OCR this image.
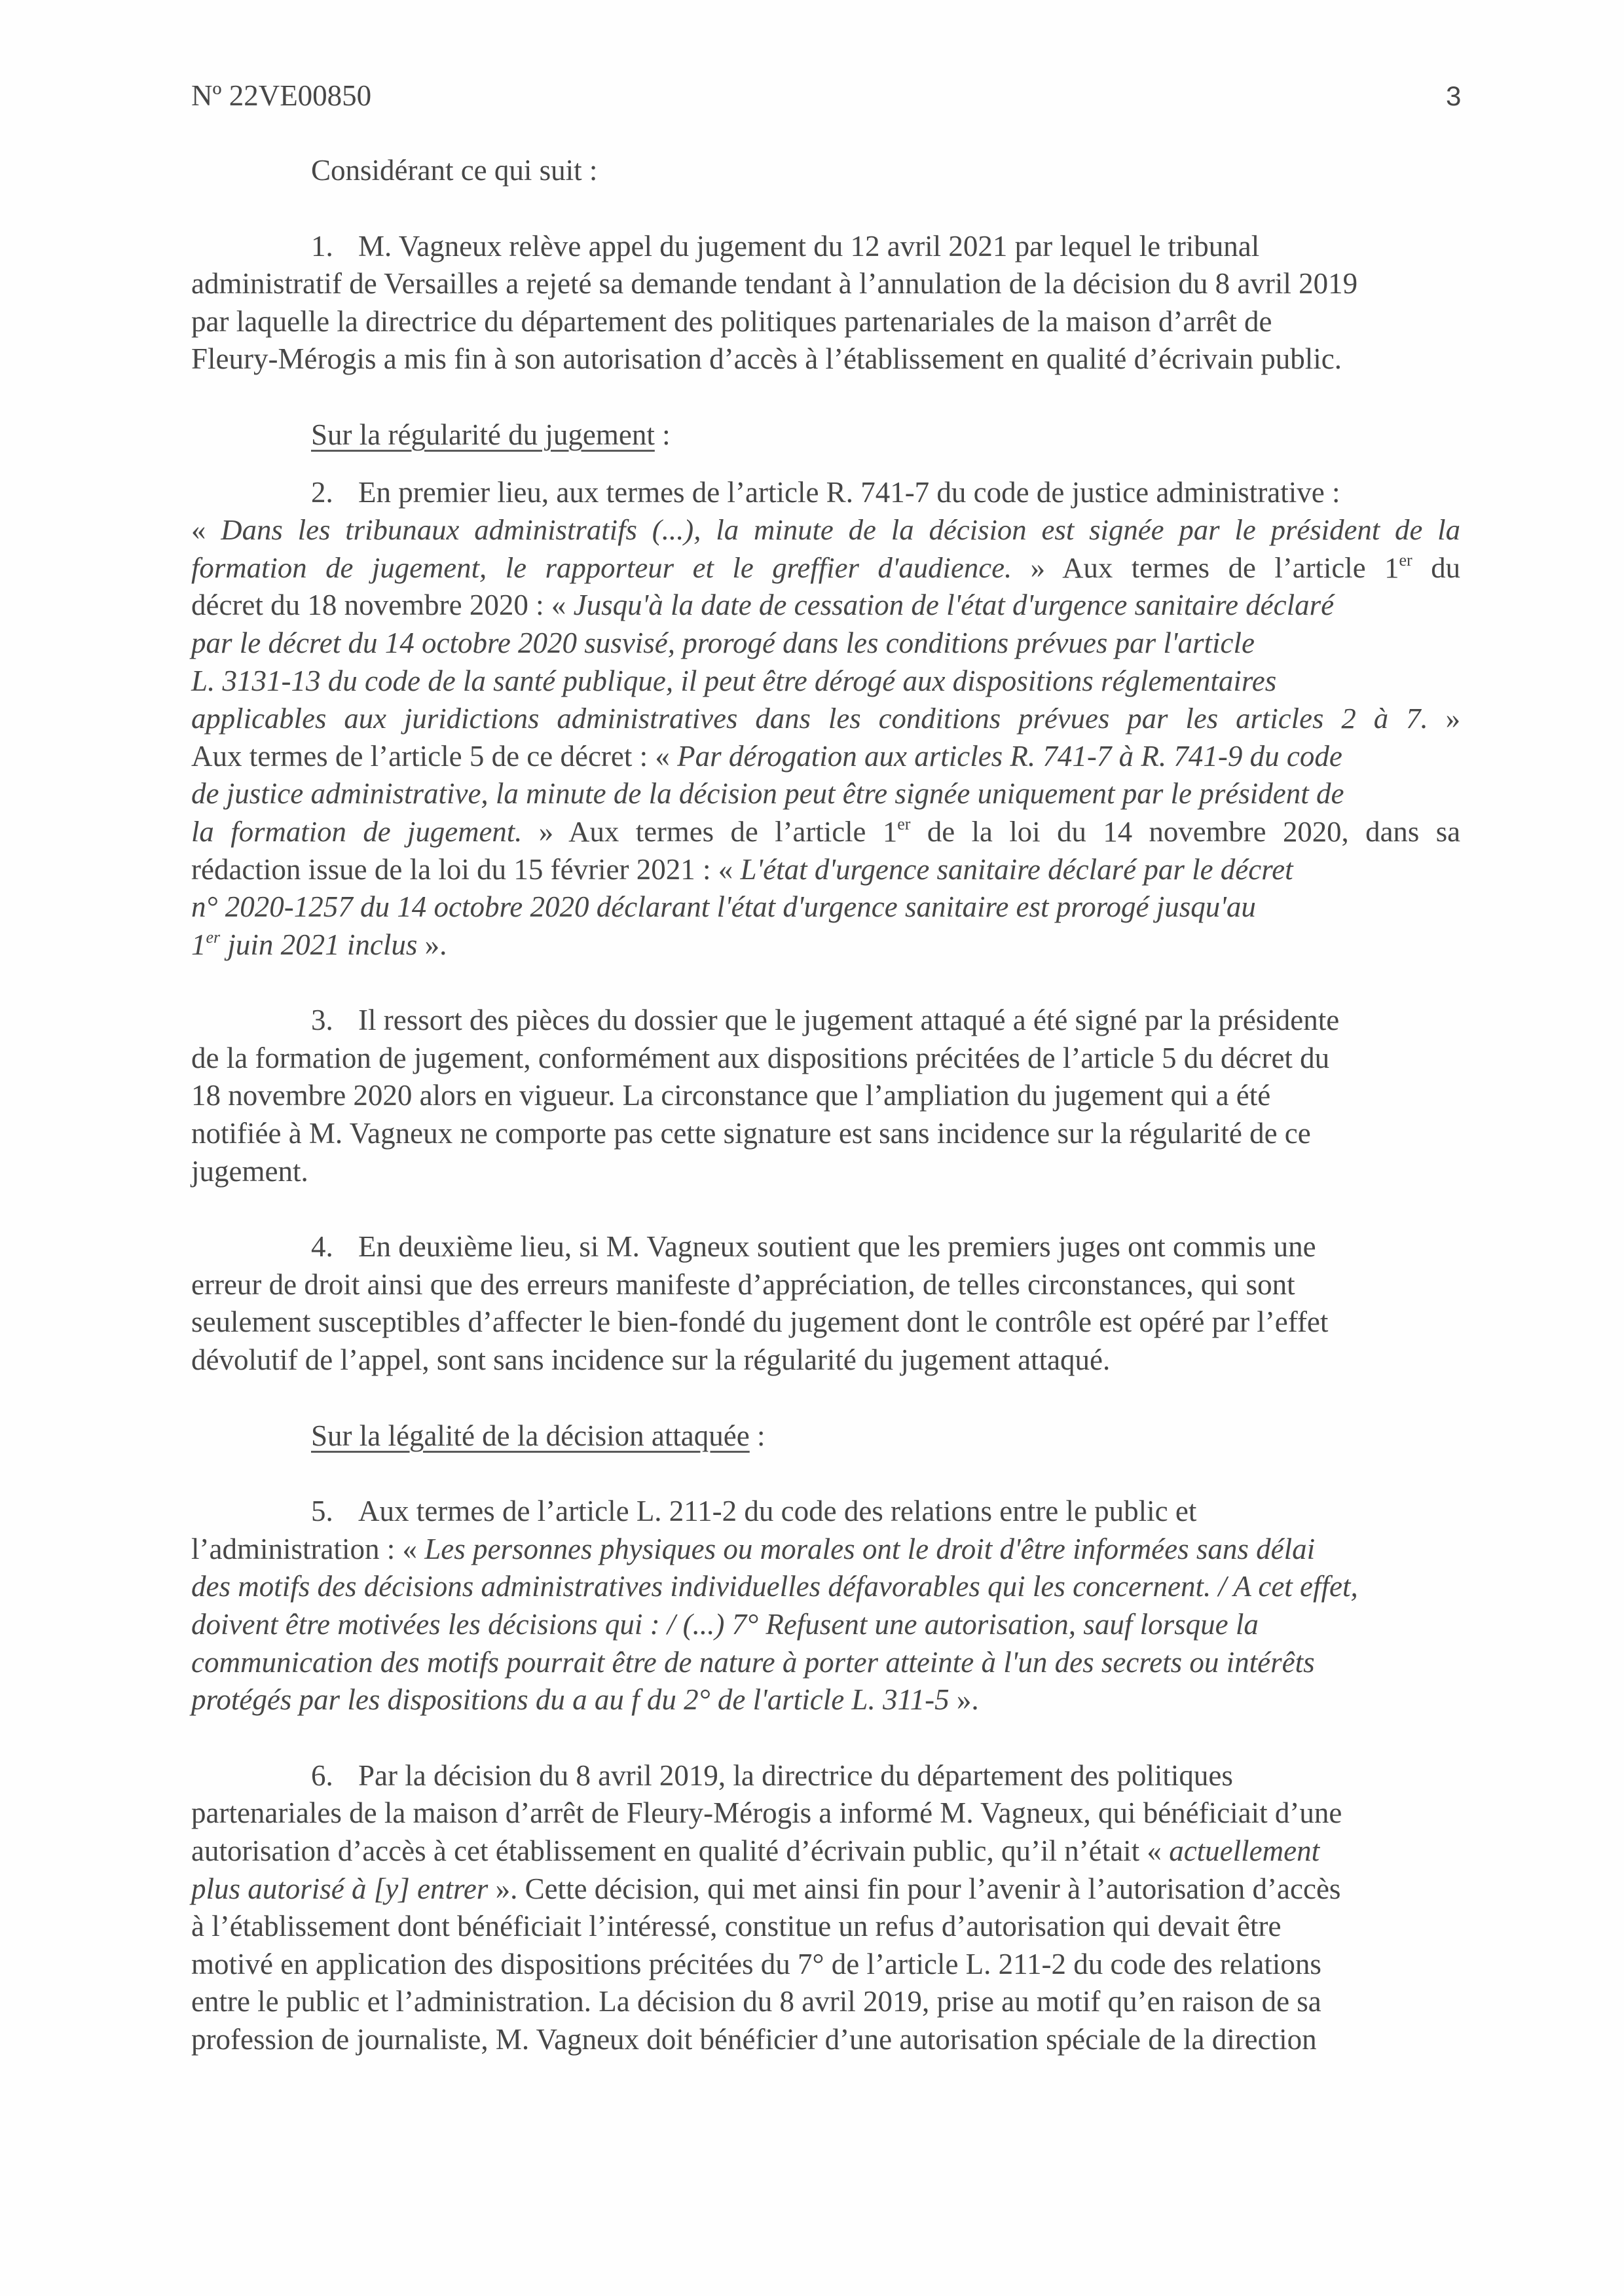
Nº 22VE00850	3
Considérant ce qui suit :
1. M. Vagneux relève appel du jugement du 12 avril 2021 par lequel le tribunal
administratif de Versailles a rejeté sa demande tendant à l’annulation de la décision du 8 avril 2019
par laquelle la directrice du département des politiques partenariales de la maison d’arrêt de
Fleury-Mérogis a mis fin à son autorisation d’accès à l’établissement en qualité d’écrivain public.
Sur la régularité du jugement :
2. En premier lieu, aux termes de l’article R. 741-7 du code de justice administrative :
« Dans les tribunaux administratifs (...), la minute de la décision est signée par le président de la
formation de jugement, le rapporteur et le greffier d'audience. » Aux termes de l’article 1er du
décret du 18 novembre 2020 : « Jusqu'à la date de cessation de l'état d'urgence sanitaire déclaré
par le décret du 14 octobre 2020 susvisé, prorogé dans les conditions prévues par l'article
L. 3131-13 du code de la santé publique, il peut être dérogé aux dispositions réglementaires
applicables aux juridictions administratives dans les conditions prévues par les articles 2 à 7. »
Aux termes de l’article 5 de ce décret : « Par dérogation aux articles R. 741-7 à R. 741-9 du code
de justice administrative, la minute de la décision peut être signée uniquement par le président de
la formation de jugement. » Aux termes de l’article 1er de la loi du 14 novembre 2020, dans sa
rédaction issue de la loi du 15 février 2021 : « L'état d'urgence sanitaire déclaré par le décret
n° 2020-1257 du 14 octobre 2020 déclarant l'état d'urgence sanitaire est prorogé jusqu'au
1er juin 2021 inclus ».
3. Il ressort des pièces du dossier que le jugement attaqué a été signé par la présidente
de la formation de jugement, conformément aux dispositions précitées de l’article 5 du décret du
18 novembre 2020 alors en vigueur. La circonstance que l’ampliation du jugement qui a été
notifiée à M. Vagneux ne comporte pas cette signature est sans incidence sur la régularité de ce
jugement.
4. En deuxième lieu, si M. Vagneux soutient que les premiers juges ont commis une
erreur de droit ainsi que des erreurs manifeste d’appréciation, de telles circonstances, qui sont
seulement susceptibles d’affecter le bien-fondé du jugement dont le contrôle est opéré par l’effet
dévolutif de l’appel, sont sans incidence sur la régularité du jugement attaqué.
Sur la légalité de la décision attaquée :
5. Aux termes de l’article L. 211-2 du code des relations entre le public et
l’administration : « Les personnes physiques ou morales ont le droit d'être informées sans délai
des motifs des décisions administratives individuelles défavorables qui les concernent. / A cet effet,
doivent être motivées les décisions qui : / (...) 7° Refusent une autorisation, sauf lorsque la
communication des motifs pourrait être de nature à porter atteinte à l'un des secrets ou intérêts
protégés par les dispositions du a au f du 2° de l'article L. 311-5 ».
6. Par la décision du 8 avril 2019, la directrice du département des politiques
partenariales de la maison d’arrêt de Fleury-Mérogis a informé M. Vagneux, qui bénéficiait d’une
autorisation d’accès à cet établissement en qualité d’écrivain public, qu’il n’était « actuellement
plus autorisé à [y] entrer ». Cette décision, qui met ainsi fin pour l’avenir à l’autorisation d’accès
à l’établissement dont bénéficiait l’intéressé, constitue un refus d’autorisation qui devait être
motivé en application des dispositions précitées du 7° de l’article L. 211-2 du code des relations
entre le public et l’administration. La décision du 8 avril 2019, prise au motif qu’en raison de sa
profession de journaliste, M. Vagneux doit bénéficier d’une autorisation spéciale de la direction
